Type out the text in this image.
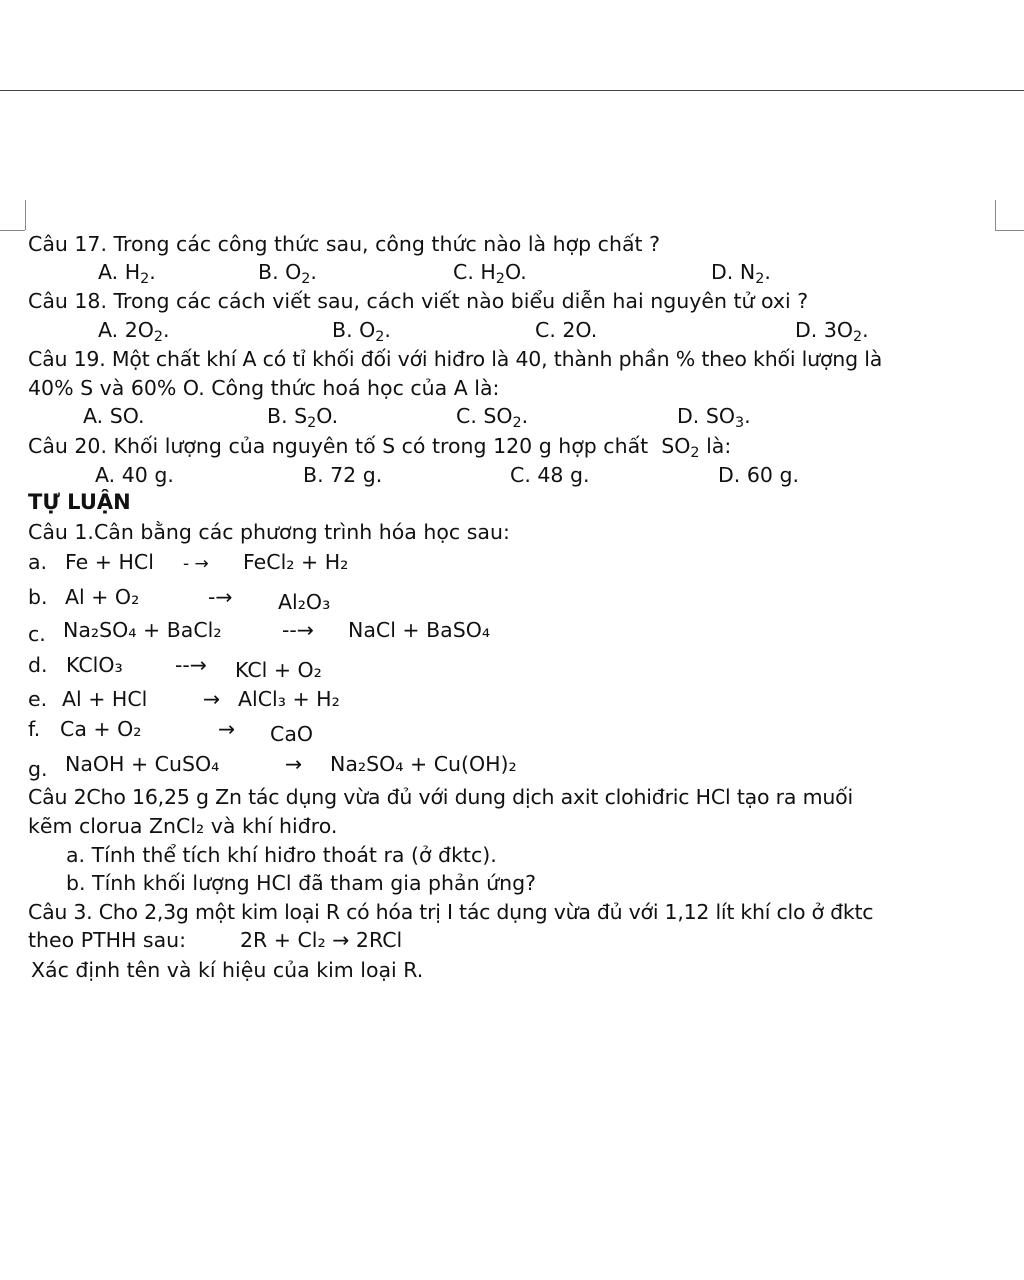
Câu 17. Trong các công thức sau, công thức nào là hợp chất ?
A. $H_2$.	B. $O_2$.	C. $H_2O$.	D. $N_2$.
Câu 18. Trong các cách viết sau, cách viết nào biểu diễn hai nguyên tử oxi ?
A. $2O_2$.	B. $O_2$.	C. 2O.	D. $3O_2$.
Câu 19. Một chất khí A có tỉ khối đối với hiđro là 40, thành phần % theo khối lượng là
40% S và 60% O. Công thức hoá học của A là:
A. SO.	B. $S_2O$.	C. $SO_2$.	D. $SO_3$.
Câu 20. Khối lượng của nguyên tố S có trong 120 g hợp chất $SO_2$ là:
A. 40 g.	B. 72 g.	C. 48 g.	D. 60 g.
TỰ LUẬN
Câu 1.Cân bằng các phương trình hóa học sau:
a. Fe + HCl - → FeCl₂ + H₂
b. Al + O₂	-→ Al₂O₃
c. Na₂SO₄ + BaCl₂	--→ NaCl + BaSO₄
d. KClO₃	--→ KCl + O₂
e. Al + HCl	→ AlCl₃ + H₂
f. Ca + O₂	→ CaO
g. NaOH + CuSO₄	→ Na₂SO₄ + Cu(OH)₂
Câu 2Cho 16,25 g Zn tác dụng vừa đủ với dung dịch axit clohiđric HCl tạo ra muối
kẽm clorua ZnCl₂ và khí hiđro.
a. Tính thể tích khí hiđro thoát ra (ở đktc).
b. Tính khối lượng HCl đã tham gia phản ứng?
Câu 3. Cho 2,3g một kim loại R có hóa trị I tác dụng vừa đủ với 1,12 lít khí clo ở đktc
theo PTHH sau:	2R + Cl₂ → 2RCl
Xác định tên và kí hiệu của kim loại R.
